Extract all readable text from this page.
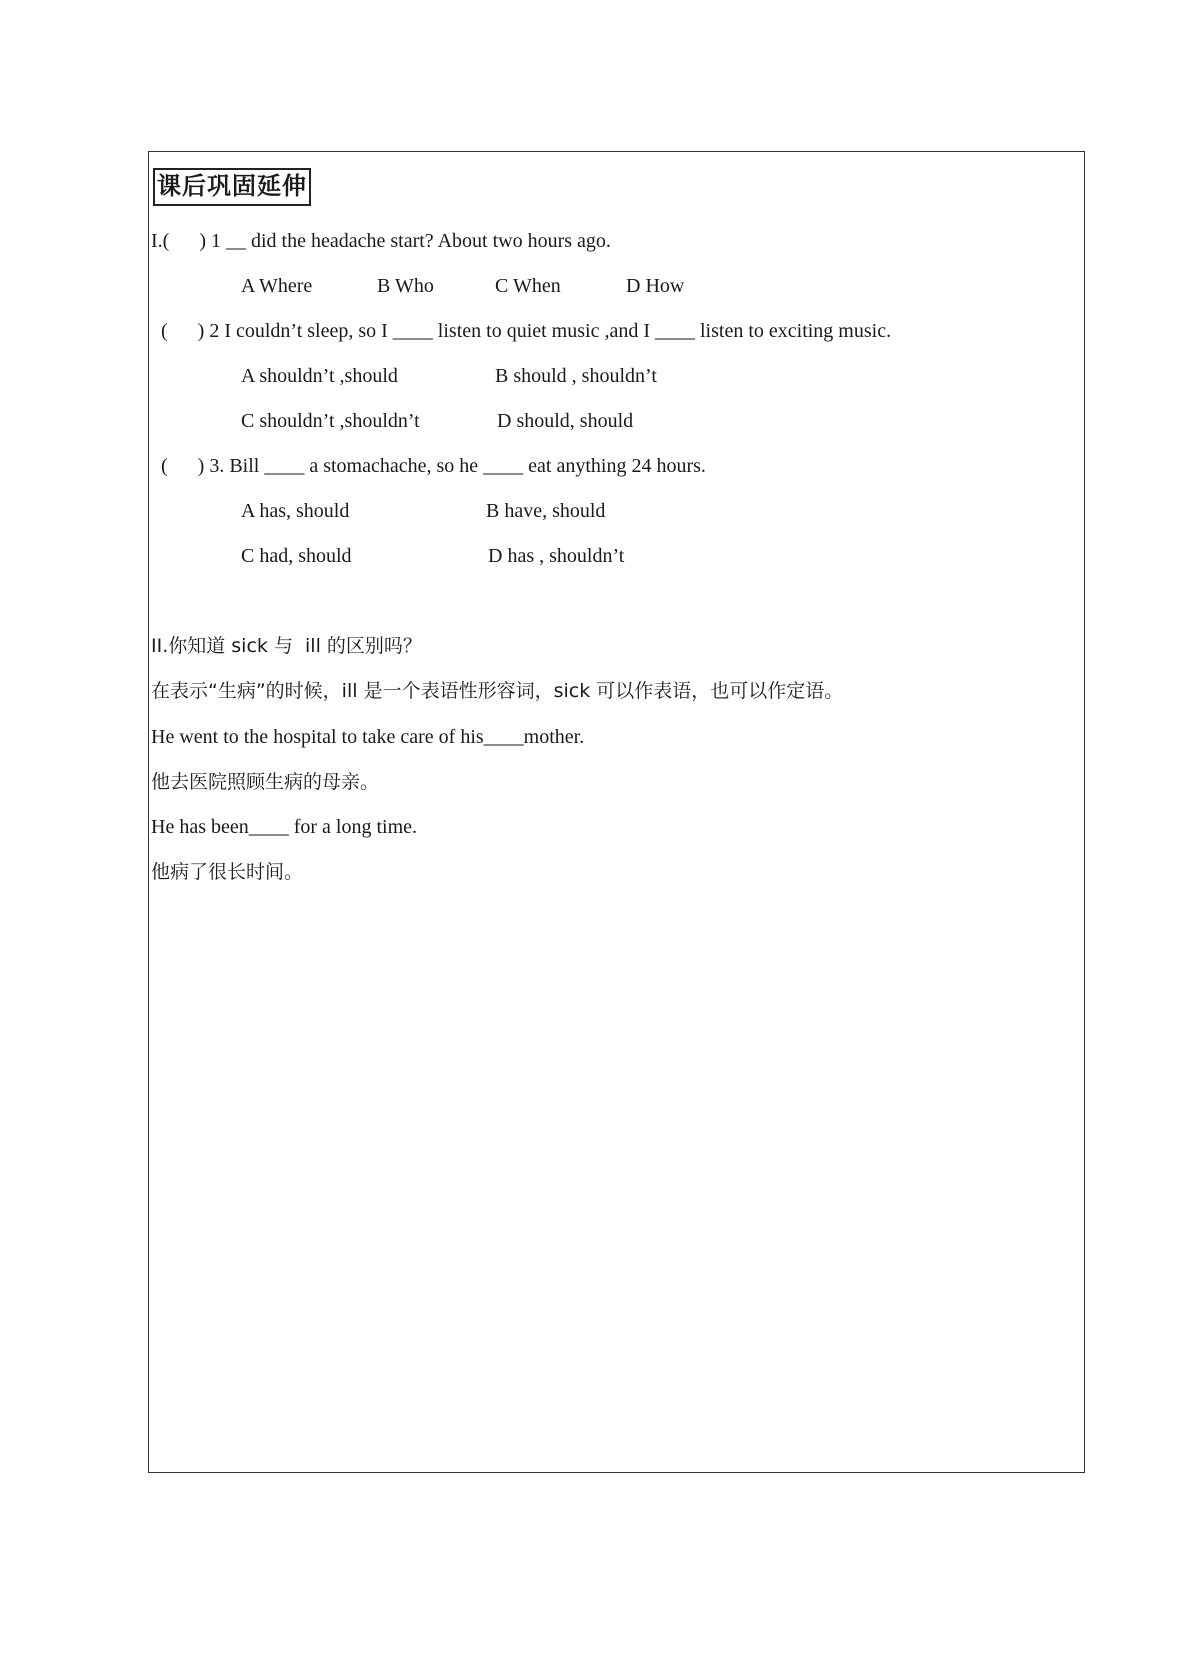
课后巩固延伸
I.(      ) 1 __ did the headache start? About two hours ago.
A Where	B Who	C When	D How
(      ) 2 I couldn’t sleep, so I ____ listen to quiet music ,and I ____ listen to exciting music.
A shouldn’t ,should	B should , shouldn’t
C shouldn’t ,shouldn’t	D should, should
(      ) 3. Bill ____ a stomachache, so he ____ eat anything 24 hours.
A has, should	B have, should
C had, should	D has , shouldn’t
II.你知道 sick 与  ill 的区别吗？
在表示“生病”的时候，ill 是一个表语性形容词，sick 可以作表语，也可以作定语。
He went to the hospital to take care of his____mother.
他去医院照顾生病的母亲。
He has been____ for a long time.
他病了很长时间。
